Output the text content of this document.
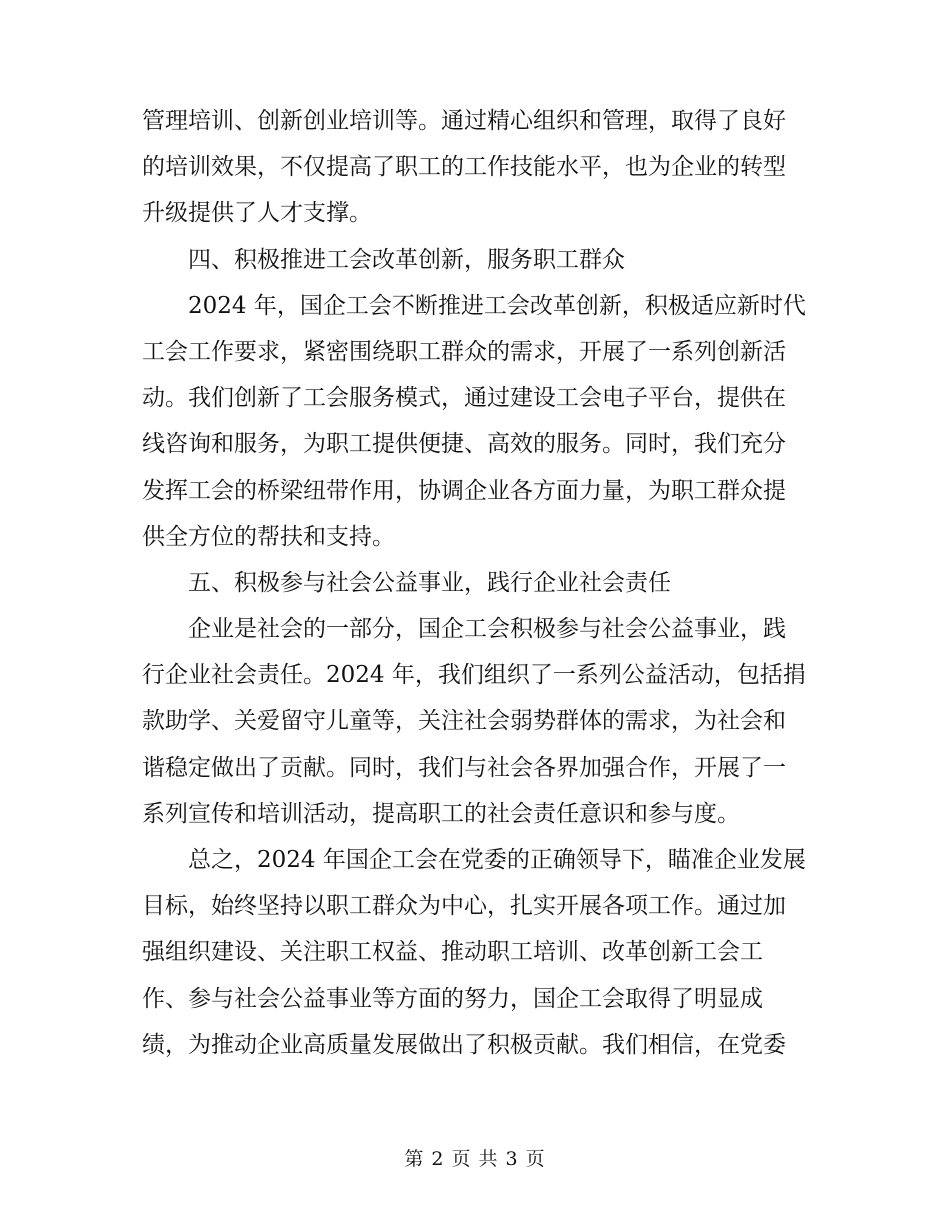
管理培训、创新创业培训等。通过精心组织和管理，取得了良好
的培训效果，不仅提高了职工的工作技能水平，也为企业的转型
升级提供了人才支撑。
四、积极推进工会改革创新，服务职工群众
2024 年，国企工会不断推进工会改革创新，积极适应新时代
工会工作要求，紧密围绕职工群众的需求，开展了一系列创新活
动。我们创新了工会服务模式，通过建设工会电子平台，提供在
线咨询和服务，为职工提供便捷、高效的服务。同时，我们充分
发挥工会的桥梁纽带作用，协调企业各方面力量，为职工群众提
供全方位的帮扶和支持。
五、积极参与社会公益事业，践行企业社会责任
企业是社会的一部分，国企工会积极参与社会公益事业，践
行企业社会责任。2024 年，我们组织了一系列公益活动，包括捐
款助学、关爱留守儿童等，关注社会弱势群体的需求，为社会和
谐稳定做出了贡献。同时，我们与社会各界加强合作，开展了一
系列宣传和培训活动，提高职工的社会责任意识和参与度。
总之，2024 年国企工会在党委的正确领导下，瞄准企业发展
目标，始终坚持以职工群众为中心，扎实开展各项工作。通过加
强组织建设、关注职工权益、推动职工培训、改革创新工会工
作、参与社会公益事业等方面的努力，国企工会取得了明显成
绩，为推动企业高质量发展做出了积极贡献。我们相信，在党委
第 2 页 共 3 页
